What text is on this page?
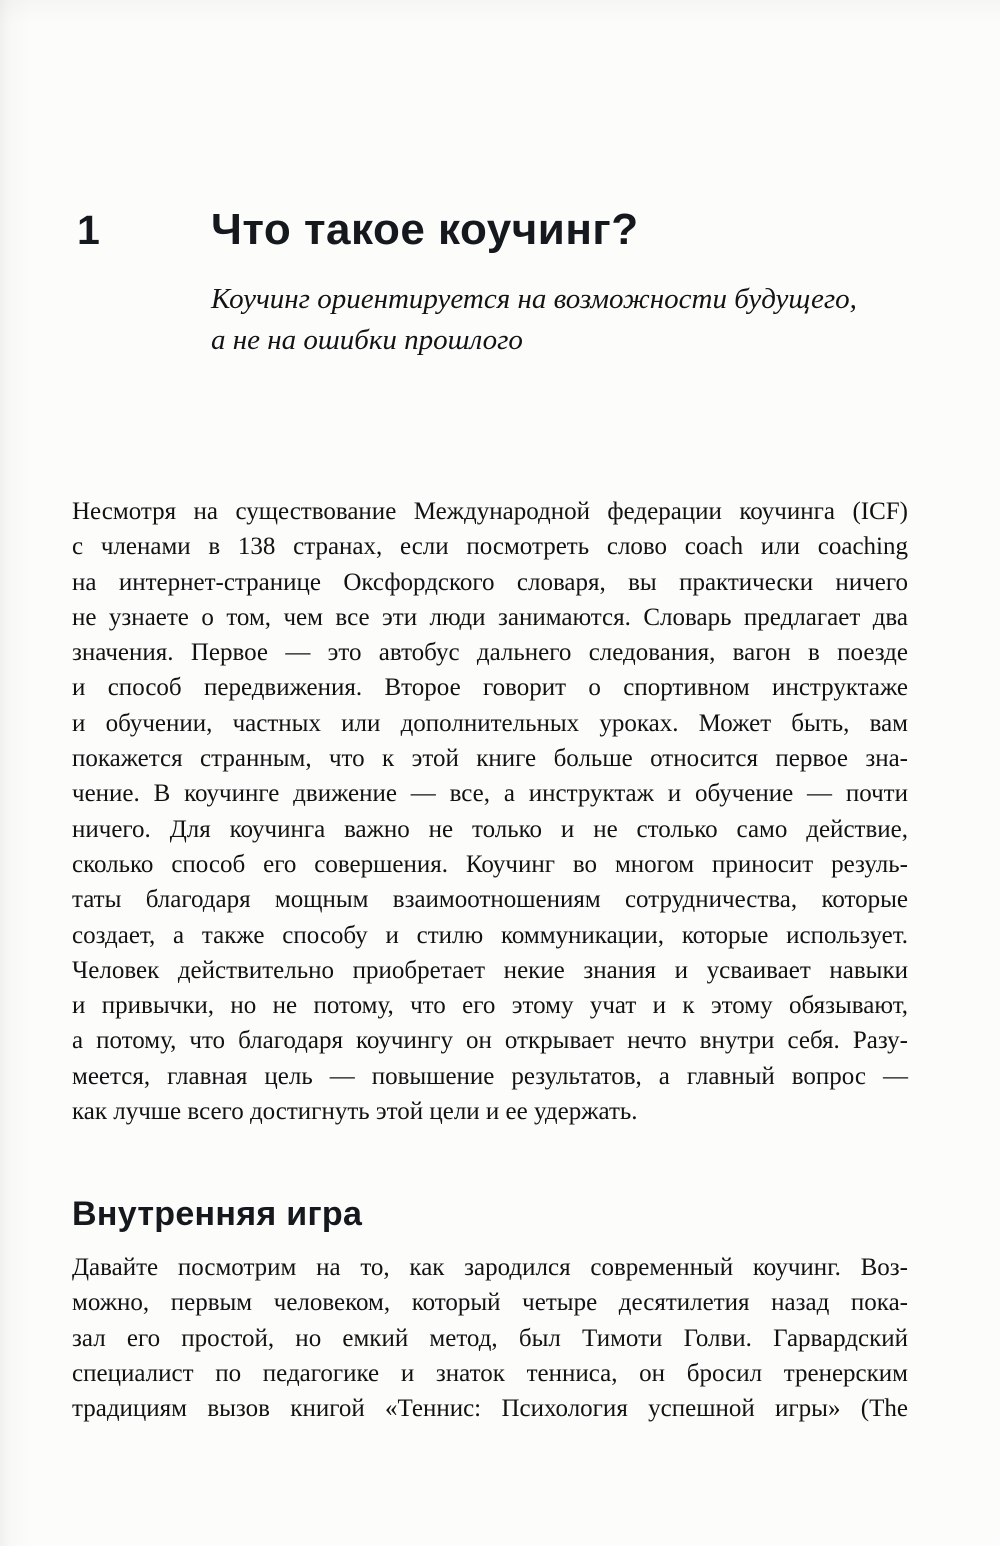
1	Что такое коучинг?
Коучинг ориентируется на возможности будущего,
а не на ошибки прошлого
Несмотря на существование Международной федерации коучинга (ICF)
с членами в 138 странах, если посмотреть слово coach или coaching
на интернет-странице Оксфордского словаря, вы практически ничего
не узнаете о том, чем все эти люди занимаются. Словарь предлагает два
значения. Первое — это автобус дальнего следования, вагон в поезде
и способ передвижения. Второе говорит о спортивном инструктаже
и обучении, частных или дополнительных уроках. Может быть, вам
покажется странным, что к этой книге больше относится первое зна-
чение. В коучинге движение — все, а инструктаж и обучение — почти
ничего. Для коучинга важно не только и не столько само действие,
сколько способ его совершения. Коучинг во многом приносит резуль-
таты благодаря мощным взаимоотношениям сотрудничества, которые
создает, а также способу и стилю коммуникации, которые использует.
Человек действительно приобретает некие знания и усваивает навыки
и привычки, но не потому, что его этому учат и к этому обязывают,
а потому, что благодаря коучингу он открывает нечто внутри себя. Разу-
меется, главная цель — повышение результатов, а главный вопрос —
как лучше всего достигнуть этой цели и ее удержать.
Внутренняя игра
Давайте посмотрим на то, как зародился современный коучинг. Воз-
можно, первым человеком, который четыре десятилетия назад пока-
зал его простой, но емкий метод, был Тимоти Голви. Гарвардский
специалист по педагогике и знаток тенниса, он бросил тренерским
традициям вызов книгой «Теннис: Психология успешной игры» (The
